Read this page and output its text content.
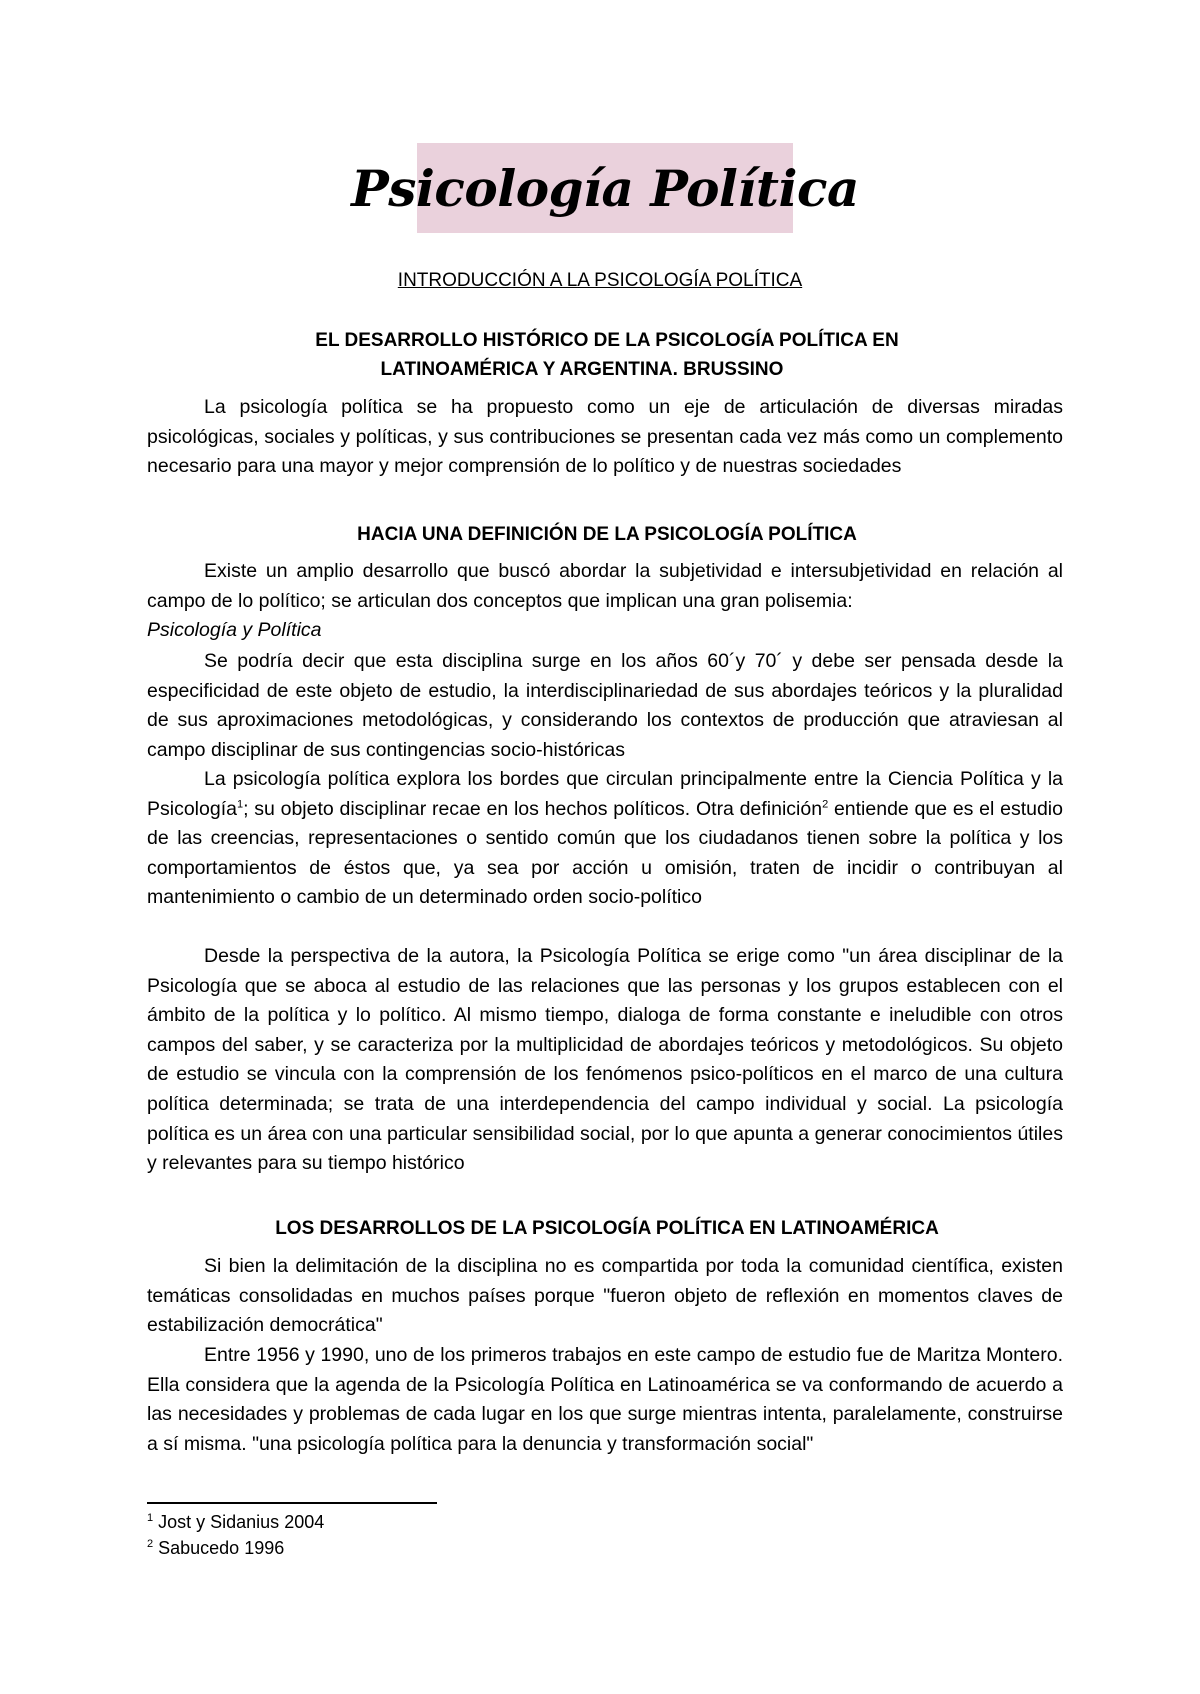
Psicología Política
INTRODUCCIÓN A LA PSICOLOGÍA POLÍTICA
EL DESARROLLO HISTÓRICO DE LA PSICOLOGÍA POLÍTICA EN
LATINOAMÉRICA Y ARGENTINA. BRUSSINO

La psicología política se ha propuesto como un eje de articulación de diversas miradas psicológicas, sociales y políticas, y sus contribuciones se presentan cada vez más como un complemento necesario para una mayor y mejor comprensión de lo político y de nuestras sociedades

HACIA UNA DEFINICIÓN DE LA PSICOLOGÍA POLÍTICA

Existe un amplio desarrollo que buscó abordar la subjetividad e intersubjetividad en relación al campo de lo político; se articulan dos conceptos que implican una gran polisemia:
Psicología y Política

Se podría decir que esta disciplina surge en los años 60´y 70´ y debe ser pensada desde la especificidad de este objeto de estudio, la interdisciplinariedad de sus abordajes teóricos y la pluralidad de sus aproximaciones metodológicas, y considerando los contextos de producción que atraviesan al campo disciplinar de sus contingencias socio-históricas

La psicología política explora los bordes que circulan principalmente entre la Ciencia Política y la Psicología$^1$; su objeto disciplinar recae en los hechos políticos. Otra definición$^2$ entiende que es el estudio de las creencias, representaciones o sentido común que los ciudadanos tienen sobre la política y los comportamientos de éstos que, ya sea por acción u omisión, traten de incidir o contribuyan al mantenimiento o cambio de un determinado orden socio-político

Desde la perspectiva de la autora, la Psicología Política se erige como "un área disciplinar de la Psicología que se aboca al estudio de las relaciones que las personas y los grupos establecen con el ámbito de la política y lo político. Al mismo tiempo, dialoga de forma constante e ineludible con otros campos del saber, y se caracteriza por la multiplicidad de abordajes teóricos y metodológicos. Su objeto de estudio se vincula con la comprensión de los fenómenos psico-políticos en el marco de una cultura política determinada; se trata de una interdependencia del campo individual y social. La psicología política es un área con una particular sensibilidad social, por lo que apunta a generar conocimientos útiles y relevantes para su tiempo histórico

LOS DESARROLLOS DE LA PSICOLOGÍA POLÍTICA EN LATINOAMÉRICA

Si bien la delimitación de la disciplina no es compartida por toda la comunidad científica, existen temáticas consolidadas en muchos países porque "fueron objeto de reflexión en momentos claves de estabilización democrática"

Entre 1956 y 1990, uno de los primeros trabajos en este campo de estudio fue de Maritza Montero. Ella considera que la agenda de la Psicología Política en Latinoamérica se va conformando de acuerdo a las necesidades y problemas de cada lugar en los que surge mientras intenta, paralelamente, construirse a sí misma. "una psicología política para la denuncia y transformación social"

$^1$ Jost y Sidanius 2004
$^2$ Sabucedo 1996
